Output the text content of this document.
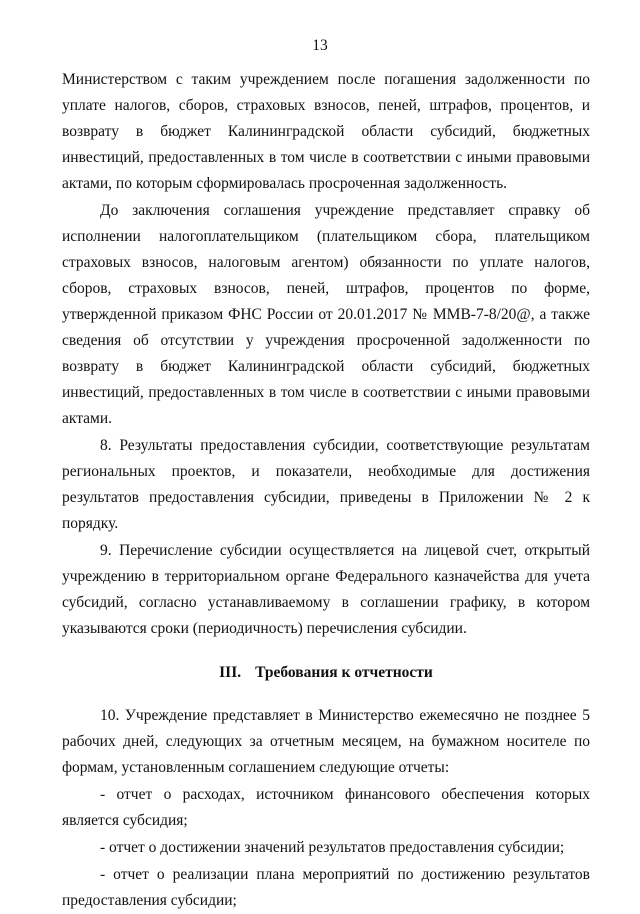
13

Министерством с таким учреждением после погашения задолженности по уплате налогов, сборов, страховых взносов, пеней, штрафов, процентов, и возврату в бюджет Калининградской области субсидий, бюджетных инвестиций, предоставленных в том числе в соответствии с иными правовыми актами, по которым сформировалась просроченная задолженность.

До заключения соглашения учреждение представляет справку об исполнении налогоплательщиком (плательщиком сбора, плательщиком страховых взносов, налоговым агентом) обязанности по уплате налогов, сборов, страховых взносов, пеней, штрафов, процентов по форме, утвержденной приказом ФНС России от 20.01.2017 № ММВ-7-8/20@, а также сведения об отсутствии у учреждения просроченной задолженности по возврату в бюджет Калининградской области субсидий, бюджетных инвестиций, предоставленных в том числе в соответствии с иными правовыми актами.

8. Результаты предоставления субсидии, соответствующие результатам региональных проектов, и показатели, необходимые для достижения результатов предоставления субсидии, приведены в Приложении № 2 к порядку.

9. Перечисление субсидии осуществляется на лицевой счет, открытый учреждению в территориальном органе Федерального казначейства для учета субсидий, согласно устанавливаемому в соглашении графику, в котором указываются сроки (периодичность) перечисления субсидии.

III. Требования к отчетности

10. Учреждение представляет в Министерство ежемесячно не позднее 5 рабочих дней, следующих за отчетным месяцем, на бумажном носителе по формам, установленным соглашением следующие отчеты:

- отчет о расходах, источником финансового обеспечения которых является субсидия;

- отчет о достижении значений результатов предоставления субсидии;

- отчет о реализации плана мероприятий по достижению результатов предоставления субсидии;
